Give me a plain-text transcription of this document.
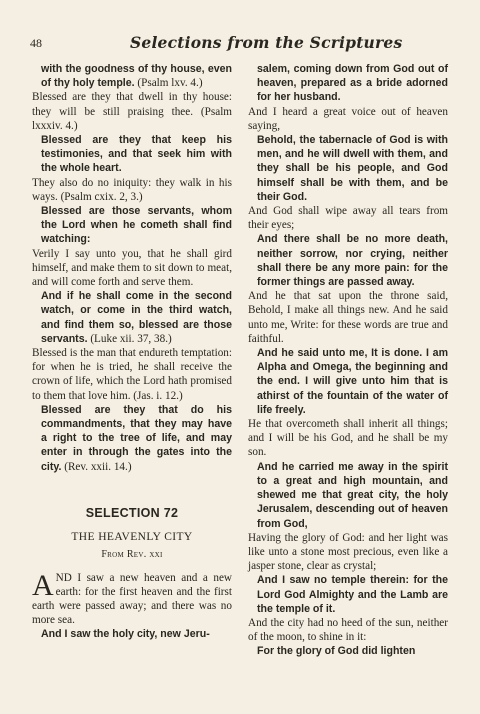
48	Selections from the Scriptures

with the goodness of thy house, even of thy holy temple. (Psalm lxv. 4.)

Blessed are they that dwell in thy house: they will be still praising thee. (Psalm lxxxiv. 4.)

Blessed are they that keep his testimonies, and that seek him with the whole heart.

They also do no iniquity: they walk in his ways. (Psalm cxix. 2, 3.)

Blessed are those servants, whom the Lord when he cometh shall find watching:

Verily I say unto you, that he shall gird himself, and make them to sit down to meat, and will come forth and serve them.

And if he shall come in the second watch, or come in the third watch, and find them so, blessed are those servants. (Luke xii. 37, 38.)

Blessed is the man that endureth temptation: for when he is tried, he shall receive the crown of life, which the Lord hath promised to them that love him. (Jas. i. 12.)

Blessed are they that do his commandments, that they may have a right to the tree of life, and may enter in through the gates into the city. (Rev. xxii. 14.)

SELECTION 72
THE HEAVENLY CITY
From Rev. xxi

AND I saw a new heaven and a new earth: for the first heaven and the first earth were passed away; and there was no more sea.

And I saw the holy city, new Jeru-

salem, coming down from God out of heaven, prepared as a bride adorned for her husband.

And I heard a great voice out of heaven saying,

Behold, the tabernacle of God is with men, and he will dwell with them, and they shall be his people, and God himself shall be with them, and be their God.

And God shall wipe away all tears from their eyes;

And there shall be no more death, neither sorrow, nor crying, neither shall there be any more pain: for the former things are passed away.

And he that sat upon the throne said, Behold, I make all things new. And he said unto me, Write: for these words are true and faithful.

And he said unto me, It is done. I am Alpha and Omega, the beginning and the end. I will give unto him that is athirst of the fountain of the water of life freely.

He that overcometh shall inherit all things; and I will be his God, and he shall be my son.

And he carried me away in the spirit to a great and high mountain, and shewed me that great city, the holy Jerusalem, descending out of heaven from God,

Having the glory of God: and her light was like unto a stone most precious, even like a jasper stone, clear as crystal;

And I saw no temple therein: for the Lord God Almighty and the Lamb are the temple of it.

And the city had no heed of the sun, neither of the moon, to shine in it:

For the glory of God did lighten
